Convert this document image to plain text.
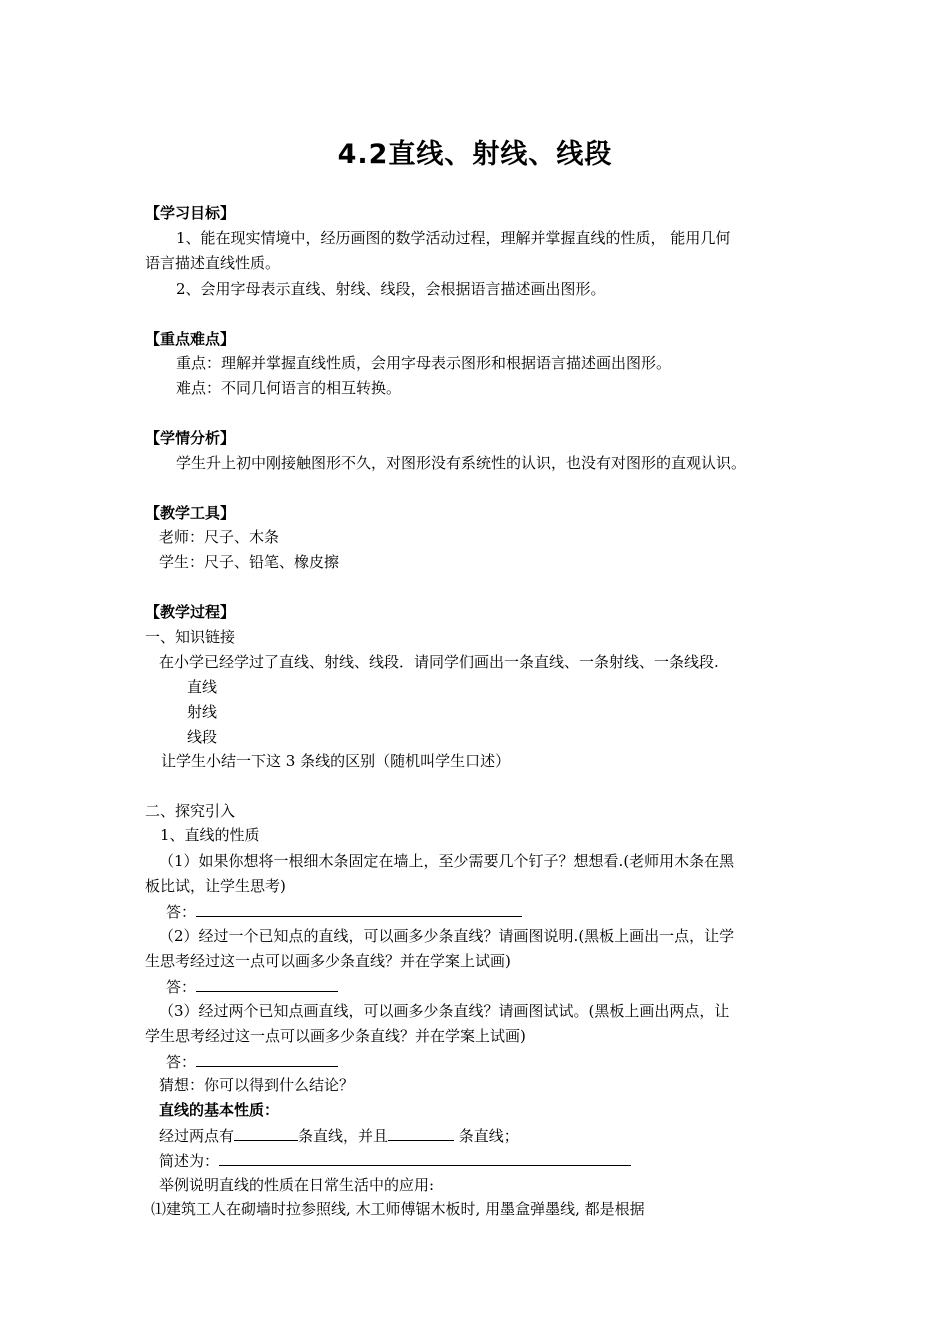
4.2直线、射线、线段
【学习目标】
1、能在现实情境中，经历画图的数学活动过程，理解并掌握直线的性质， 能用几何
语言描述直线性质。
2、会用字母表示直线、射线、线段，会根据语言描述画出图形。
【重点难点】
重点：理解并掌握直线性质，会用字母表示图形和根据语言描述画出图形。
难点：不同几何语言的相互转换。
【学情分析】
学生升上初中刚接触图形不久，对图形没有系统性的认识，也没有对图形的直观认识。
【教学工具】
老师：尺子、木条
学生：尺子、铅笔、橡皮擦
【教学过程】
一、知识链接
在小学已经学过了直线、射线、线段．请同学们画出一条直线、一条射线、一条线段.
直线
射线
线段
让学生小结一下这 3 条线的区别（随机叫学生口述）
二、探究引入
1、直线的性质
（1）如果你想将一根细木条固定在墙上，至少需要几个钉子？想想看.(老师用木条在黑
板比试，让学生思考)
答：
（2）经过一个已知点的直线，可以画多少条直线？请画图说明.(黑板上画出一点，让学
生思考经过这一点可以画多少条直线？并在学案上试画)
答：
（3）经过两个已知点画直线，可以画多少条直线？请画图试试。(黑板上画出两点，让
学生思考经过这一点可以画多少条直线？并在学案上试画)
答：
猜想：你可以得到什么结论？
直线的基本性质：
经过两点有	条直线，并且	条直线；
简述为：
举例说明直线的性质在日常生活中的应用:
⑴建筑工人在砌墙时拉参照线, 木工师傅锯木板时, 用墨盒弹墨线, 都是根据
